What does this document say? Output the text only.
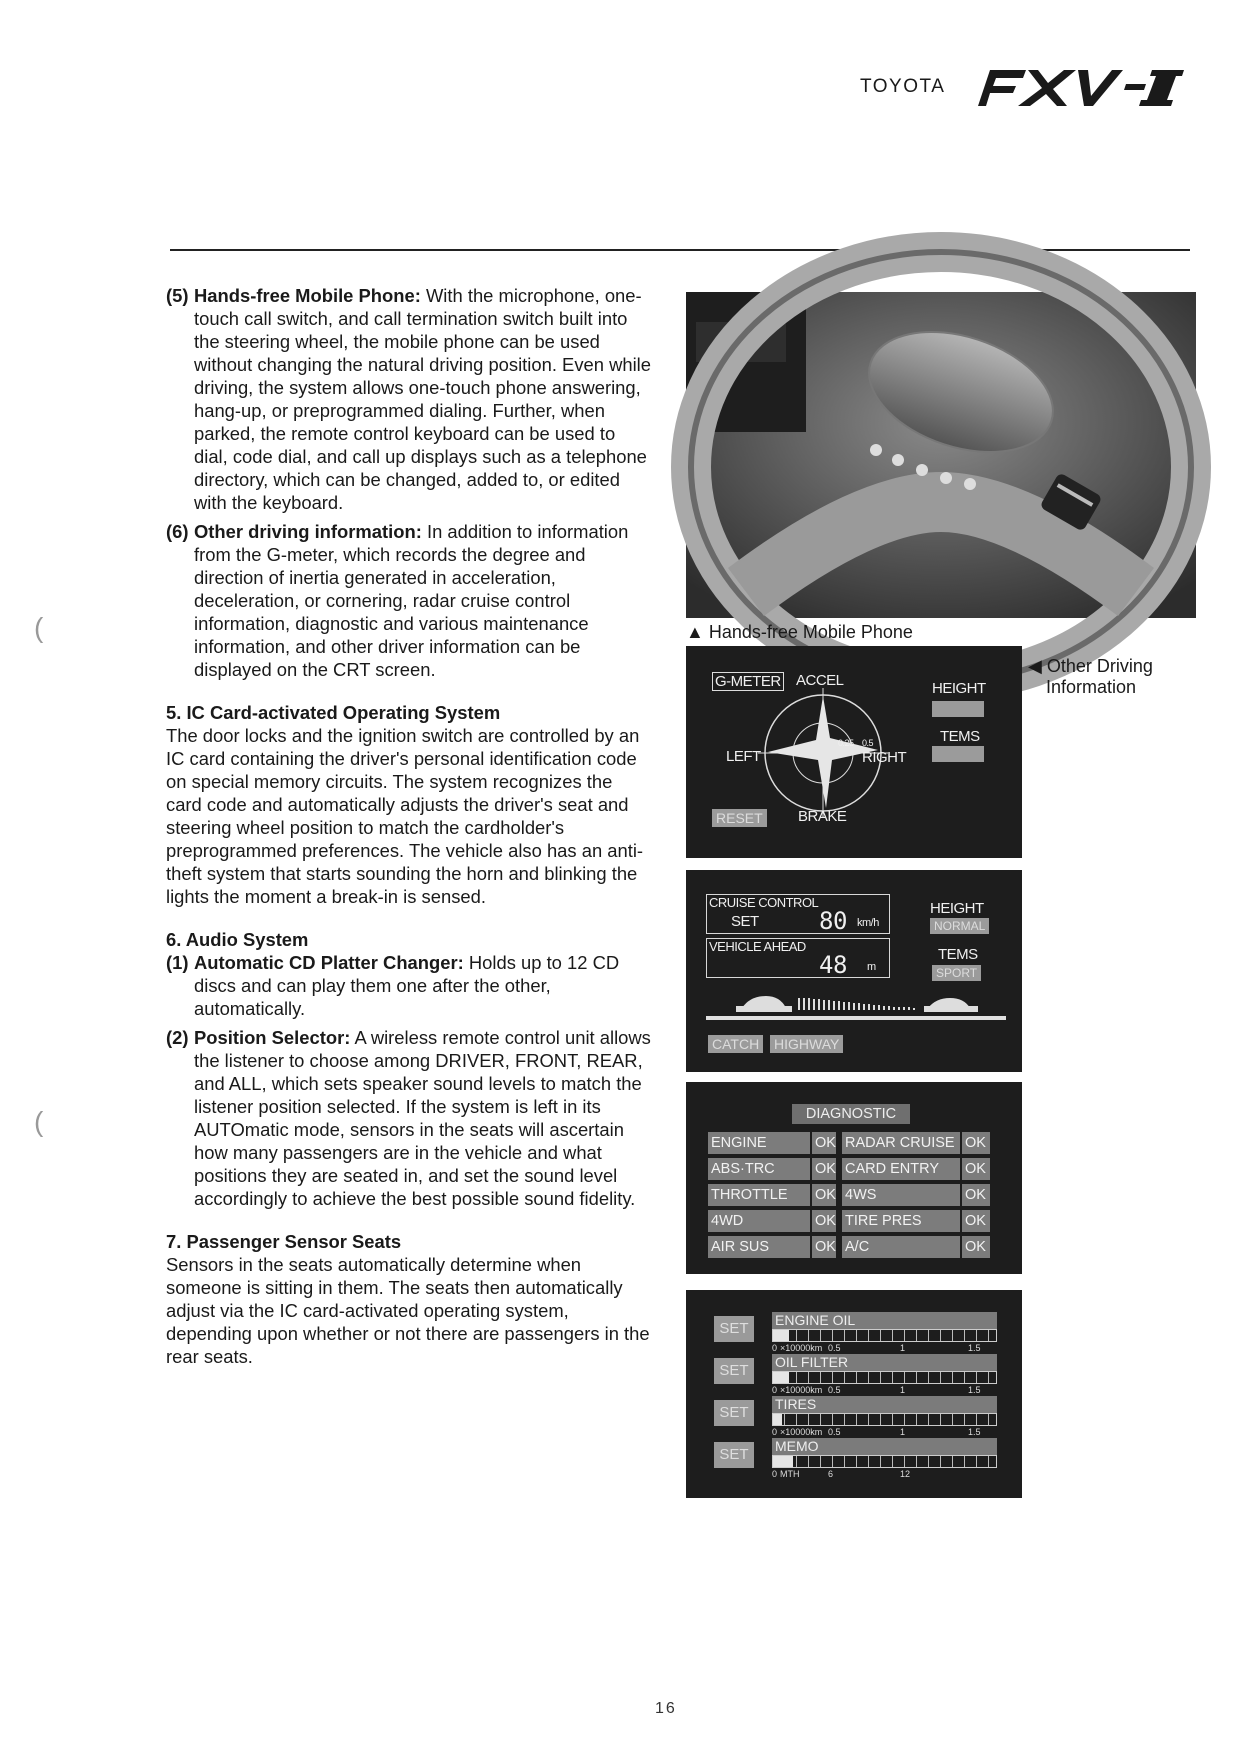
TOYOTA
FXV-II
(
(

(5) Hands-free Mobile Phone: With the microphone, one-touch call switch, and call termination switch built into the steering wheel, the mobile phone can be used without changing the natural driving position. Even while driving, the system allows one-touch phone answering, hang-up, or preprogrammed dialing. Further, when parked, the remote control keyboard can be used to dial, code dial, and call up displays such as a telephone directory, which can be changed, added to, or edited with the keyboard.

(6) Other driving information: In addition to information from the G-meter, which records the degree and direction of inertia generated in acceleration, deceleration, or cornering, radar cruise control information, diagnostic and various maintenance information, and other driver information can be displayed on the CRT screen.

5. IC Card-activated Operating System

The door locks and the ignition switch are controlled by an IC card containing the driver's personal identification code on special memory circuits. The system recognizes the card code and automatically adjusts the driver's seat and steering wheel position to match the cardholder's preprogrammed preferences. The vehicle also has an anti-theft system that starts sounding the horn and blinking the lights the moment a break-in is sensed.

6. Audio System

(1) Automatic CD Platter Changer: Holds up to 12 CD discs and can play them one after the other, automatically.

(2) Position Selector: A wireless remote control unit allows the listener to choose among DRIVER, FRONT, REAR, and ALL, which sets speaker sound levels to match the listener position selected. If the system is left in its AUTOmatic mode, sensors in the seats will ascertain how many passengers are in the vehicle and what positions they are seated in, and set the sound level accordingly to achieve the best possible sound fidelity.

7. Passenger Sensor Seats

Sensors in the seats automatically determine when someone is sitting in them. The seats then automatically adjust via the IC card-activated operating system, depending upon whether or not there are passengers in the rear seats.

▲ Hands-free Mobile Phone
◀ Other Driving
Information
G-METER ACCEL
LEFT	RIGHT
0.25 0.5
BRAKE
RESET
HEIGHT
TEMS
CRUISE CONTROL
SET	80 km/h
VEHICLE AHEAD
48 m
HEIGHT
NORMAL
TEMS
SPORT
CATCH HIGHWAY
DIAGNOSTIC
ENGINE	OK RADAR CRUISE OK
ABS·TRC	OK CARD ENTRY	OK
THROTTLE	OK 4WS	OK
4WD	OK TIRE PRES	OK
AIR SUS	OK A/C	OK
SET	ENGINE OIL
0 ×10000km 0.5	1	1.5
SET	OIL FILTER
0 ×10000km 0.5	1	1.5
SET	TIRES
0 ×10000km 0.5	1	1.5
SET	MEMO
0 MTH	6	12
16
